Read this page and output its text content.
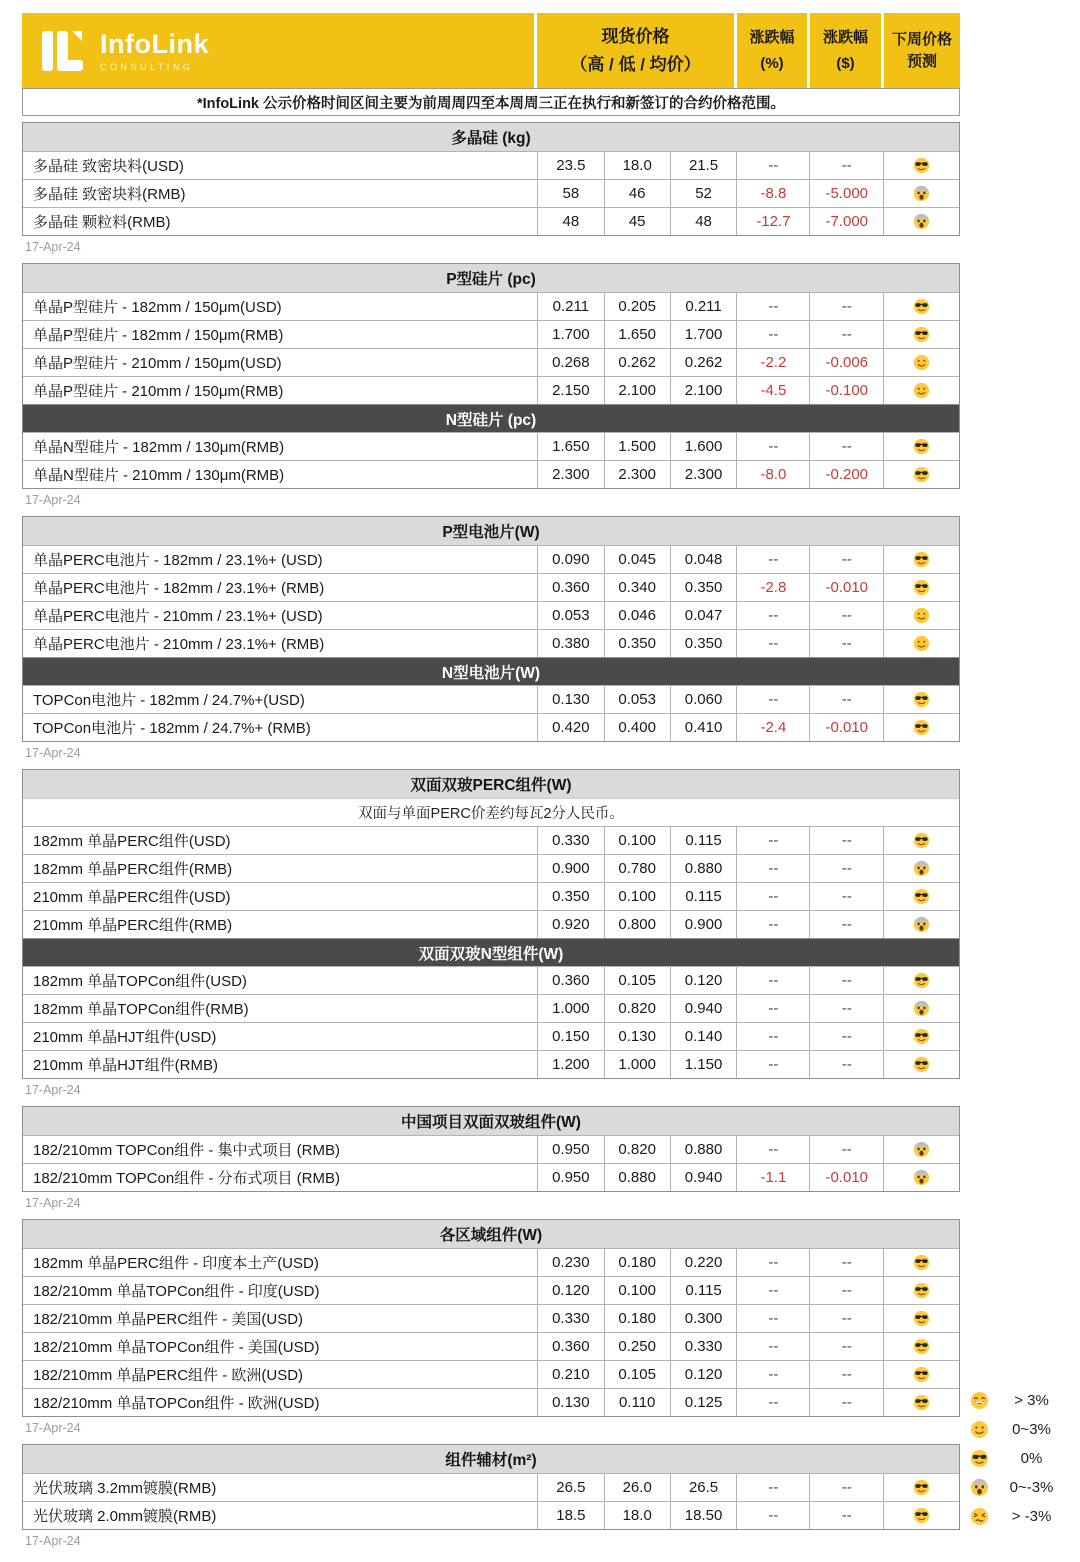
InfoLink
CONSULTING
现货价格
（高 / 低 / 均价）
涨跌幅
(%)
涨跌幅
($)
下周价格
预测
*InfoLink 公示价格时间区间主要为前周周四至本周周三正在执行和新签订的合约价格范围。
多晶硅 (kg)
多晶硅 致密块料(USD)	23.5	18.0	21.5	--	--
多晶硅 致密块料(RMB)	58	46	52	-8.8	-5.000
多晶硅 颗粒料(RMB)	48	45	48	-12.7	-7.000
17-Apr-24
P型硅片 (pc)
单晶P型硅片 - 182mm / 150μm(USD)	0.211	0.205	0.211	--	--
单晶P型硅片 - 182mm / 150μm(RMB)	1.700	1.650	1.700	--	--
单晶P型硅片 - 210mm / 150μm(USD)	0.268	0.262	0.262	-2.2	-0.006
单晶P型硅片 - 210mm / 150μm(RMB)	2.150	2.100	2.100	-4.5	-0.100
N型硅片 (pc)
单晶N型硅片 - 182mm / 130μm(RMB)	1.650	1.500	1.600	--	--
单晶N型硅片 - 210mm / 130μm(RMB)	2.300	2.300	2.300	-8.0	-0.200
17-Apr-24
P型电池片(W)
单晶PERC电池片 - 182mm / 23.1%+ (USD)	0.090	0.045	0.048	--	--
单晶PERC电池片 - 182mm / 23.1%+ (RMB)	0.360	0.340	0.350	-2.8	-0.010
单晶PERC电池片 - 210mm / 23.1%+ (USD)	0.053	0.046	0.047	--	--
单晶PERC电池片 - 210mm / 23.1%+ (RMB)	0.380	0.350	0.350	--	--
N型电池片(W)
TOPCon电池片 - 182mm / 24.7%+(USD)	0.130	0.053	0.060	--	--
TOPCon电池片 - 182mm / 24.7%+ (RMB)	0.420	0.400	0.410	-2.4	-0.010
17-Apr-24
双面双玻PERC组件(W)
双面与单面PERC价差约每瓦2分人民币。
182mm 单晶PERC组件(USD)	0.330	0.100	0.115	--	--
182mm 单晶PERC组件(RMB)	0.900	0.780	0.880	--	--
210mm 单晶PERC组件(USD)	0.350	0.100	0.115	--	--
210mm 单晶PERC组件(RMB)	0.920	0.800	0.900	--	--
双面双玻N型组件(W)
182mm 单晶TOPCon组件(USD)	0.360	0.105	0.120	--	--
182mm 单晶TOPCon组件(RMB)	1.000	0.820	0.940	--	--
210mm 单晶HJT组件(USD)	0.150	0.130	0.140	--	--
210mm 单晶HJT组件(RMB)	1.200	1.000	1.150	--	--
17-Apr-24
中国项目双面双玻组件(W)
182/210mm TOPCon组件 - 集中式项目 (RMB)	0.950	0.820	0.880	--	--
182/210mm TOPCon组件 - 分布式项目 (RMB)	0.950	0.880	0.940	-1.1	-0.010
17-Apr-24
各区域组件(W)
182mm 单晶PERC组件 - 印度本土产(USD)	0.230	0.180	0.220	--	--
182/210mm 单晶TOPCon组件 - 印度(USD)	0.120	0.100	0.115	--	--
182/210mm 单晶PERC组件 - 美国(USD)	0.330	0.180	0.300	--	--
182/210mm 单晶TOPCon组件 - 美国(USD)	0.360	0.250	0.330	--	--
182/210mm 单晶PERC组件 - 欧洲(USD)	0.210	0.105	0.120	--	--
182/210mm 单晶TOPCon组件 - 欧洲(USD)	0.130	0.110	0.125	--	--
17-Apr-24
组件辅材(m²)
光伏玻璃 3.2mm镀膜(RMB)	26.5	26.0	26.5	--	--
光伏玻璃 2.0mm镀膜(RMB)	18.5	18.0	18.50	--	--
17-Apr-24
> 3%
0~3%
0%
0~-3%
> -3%
